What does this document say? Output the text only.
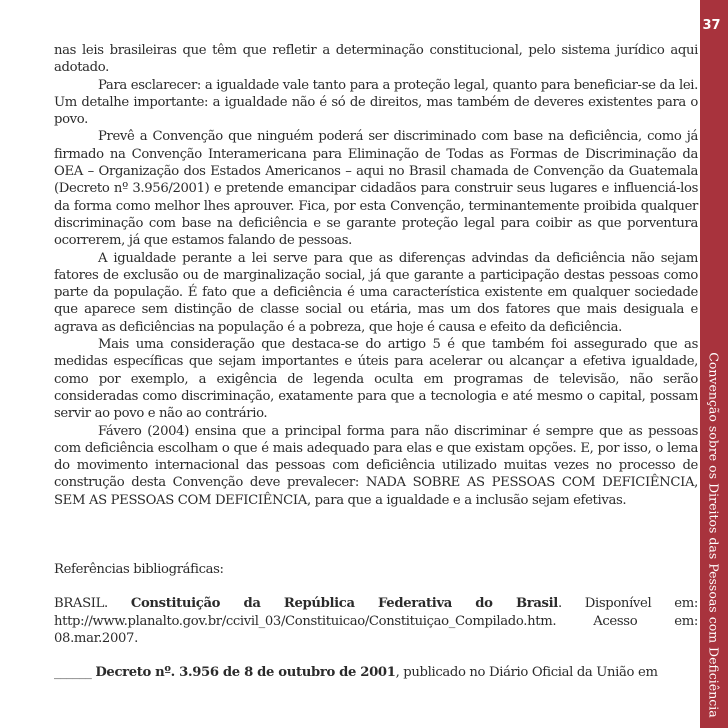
37
Convenção sobre os Direitos das Pessoas com Deficiência

nas leis brasileiras que têm que refletir a determinação constitucional, pelo sistema jurídico aqui adotado.

Para esclarecer: a igualdade vale tanto para a proteção legal, quanto para beneficiar-se da lei. Um detalhe importante: a igualdade não é só de direitos, mas também de deveres existentes para o povo.

Prevê a Convenção que ninguém poderá ser discriminado com base na deficiência, como já firmado na Convenção Interamericana para Eliminação de Todas as Formas de Discriminação da OEA – Organização dos Estados Americanos – aqui no Brasil chamada de Convenção da Guatemala (Decreto nº 3.956/2001) e pretende emancipar cidadãos para construir seus lugares e influenciá-los da forma como melhor lhes aprouver. Fica, por esta Convenção, terminantemente proibida qualquer discriminação com base na deficiência e se garante proteção legal para coibir as que porventura ocorrerem, já que estamos falando de pessoas.

A igualdade perante a lei serve para que as diferenças advindas da deficiência não sejam fatores de exclusão ou de marginalização social, já que garante a participação destas pessoas como parte da população. É fato que a deficiência é uma característica existente em qualquer sociedade que aparece sem distinção de classe social ou etária, mas um dos fatores que mais desiguala e agrava as deficiências na população é a pobreza, que hoje é causa e efeito da deficiência.

Mais uma consideração que destaca-se do artigo 5 é que também foi assegurado que as medidas específicas que sejam importantes e úteis para acelerar ou alcançar a efetiva igualdade, como por exemplo, a exigência de legenda oculta em programas de televisão, não serão consideradas como discriminação, exatamente para que a tecnologia e até mesmo o capital, possam servir ao povo e não ao contrário.

Fávero (2004) ensina que a principal forma para não discriminar é sempre que as pessoas com deficiência escolham o que é mais adequado para elas e que existam opções. E, por isso, o lema do movimento internacional das pessoas com deficiência utilizado muitas vezes no processo de construção desta Convenção deve prevalecer: NADA SOBRE AS PESSOAS COM DEFICIÊNCIA, SEM AS PESSOAS COM DEFICIÊNCIA, para que a igualdade e a inclusão sejam efetivas.

Referências bibliográficas:

BRASIL. Constituição da República Federativa do Brasil. Disponível em: http://www.planalto.gov.br/ccivil_03/Constituicao/Constituiçao_Compilado.htm. Acesso em: 08.mar.2007.

______ Decreto nº. 3.956 de 8 de outubro de 2001, publicado no Diário Oficial da União em
